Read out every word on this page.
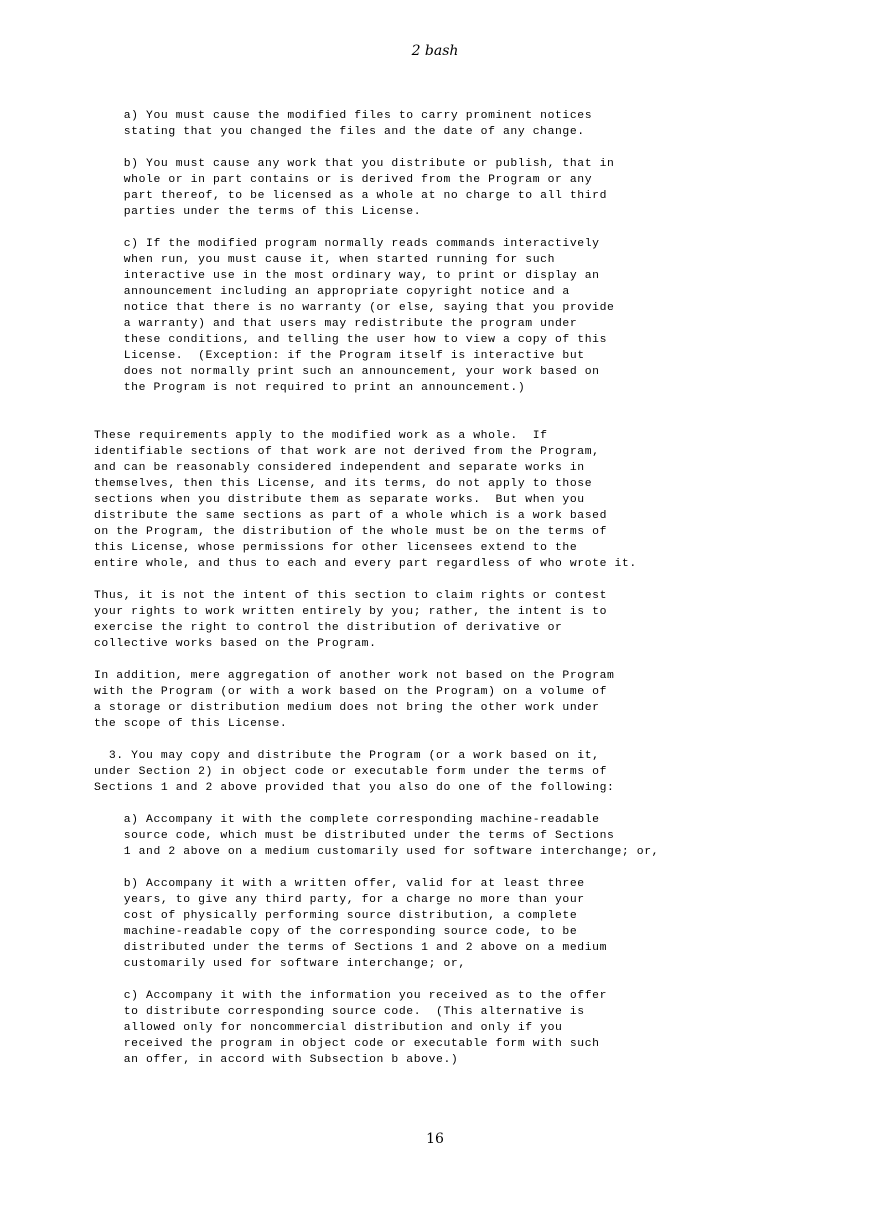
2 bash
a) You must cause the modified files to carry prominent notices
stating that you changed the files and the date of any change.
b) You must cause any work that you distribute or publish, that in
whole or in part contains or is derived from the Program or any
part thereof, to be licensed as a whole at no charge to all third
parties under the terms of this License.
c) If the modified program normally reads commands interactively
when run, you must cause it, when started running for such
interactive use in the most ordinary way, to print or display an
announcement including an appropriate copyright notice and a
notice that there is no warranty (or else, saying that you provide
a warranty) and that users may redistribute the program under
these conditions, and telling the user how to view a copy of this
License.  (Exception: if the Program itself is interactive but
does not normally print such an announcement, your work based on
the Program is not required to print an announcement.)
These requirements apply to the modified work as a whole.  If
identifiable sections of that work are not derived from the Program,
and can be reasonably considered independent and separate works in
themselves, then this License, and its terms, do not apply to those
sections when you distribute them as separate works.  But when you
distribute the same sections as part of a whole which is a work based
on the Program, the distribution of the whole must be on the terms of
this License, whose permissions for other licensees extend to the
entire whole, and thus to each and every part regardless of who wrote it.
Thus, it is not the intent of this section to claim rights or contest
your rights to work written entirely by you; rather, the intent is to
exercise the right to control the distribution of derivative or
collective works based on the Program.
In addition, mere aggregation of another work not based on the Program
with the Program (or with a work based on the Program) on a volume of
a storage or distribution medium does not bring the other work under
the scope of this License.
3. You may copy and distribute the Program (or a work based on it,
under Section 2) in object code or executable form under the terms of
Sections 1 and 2 above provided that you also do one of the following:
a) Accompany it with the complete corresponding machine-readable
source code, which must be distributed under the terms of Sections
1 and 2 above on a medium customarily used for software interchange; or,
b) Accompany it with a written offer, valid for at least three
years, to give any third party, for a charge no more than your
cost of physically performing source distribution, a complete
machine-readable copy of the corresponding source code, to be
distributed under the terms of Sections 1 and 2 above on a medium
customarily used for software interchange; or,
c) Accompany it with the information you received as to the offer
to distribute corresponding source code.  (This alternative is
allowed only for noncommercial distribution and only if you
received the program in object code or executable form with such
an offer, in accord with Subsection b above.)
16
